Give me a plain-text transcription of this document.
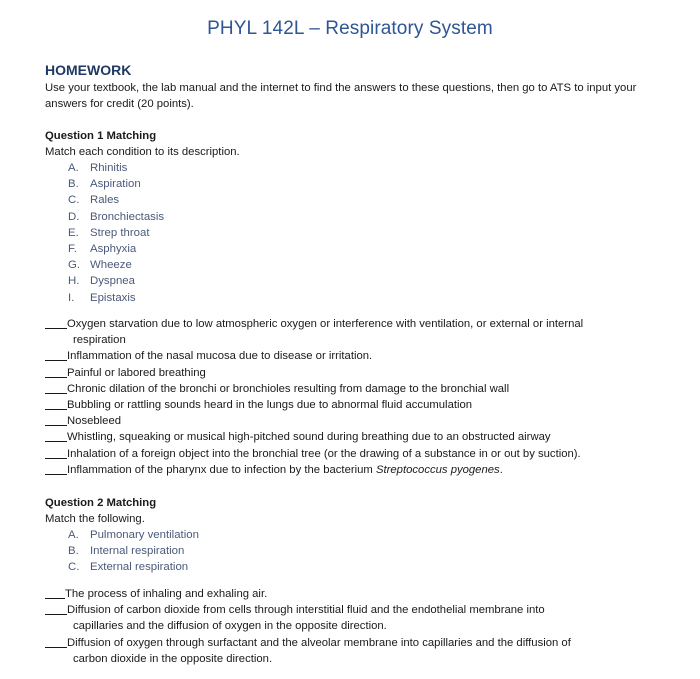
PHYL 142L – Respiratory System
HOMEWORK
Use your textbook, the lab manual and the internet to find the answers to these questions, then go to ATS to input your answers for credit (20 points).
Question 1 Matching
Match each condition to its description.
A. Rhinitis
B. Aspiration
C. Rales
D. Bronchiectasis
E. Strep throat
F. Asphyxia
G. Wheeze
H. Dyspnea
I. Epistaxis
Oxygen starvation due to low atmospheric oxygen or interference with ventilation, or external or internal
respiration
Inflammation of the nasal mucosa due to disease or irritation.
Painful or labored breathing
Chronic dilation of the bronchi or bronchioles resulting from damage to the bronchial wall
Bubbling or rattling sounds heard in the lungs due to abnormal fluid accumulation
Nosebleed
Whistling, squeaking or musical high-pitched sound during breathing due to an obstructed airway
Inhalation of a foreign object into the bronchial tree (or the drawing of a substance in or out by suction).
Inflammation of the pharynx due to infection by the bacterium Streptococcus pyogenes.
Question 2 Matching
Match the following.
A. Pulmonary ventilation
B. Internal respiration
C. External respiration
The process of inhaling and exhaling air.
Diffusion of carbon dioxide from cells through interstitial fluid and the endothelial membrane into
capillaries and the diffusion of oxygen in the opposite direction.
Diffusion of oxygen through surfactant and the alveolar membrane into capillaries and the diffusion of
carbon dioxide in the opposite direction.
